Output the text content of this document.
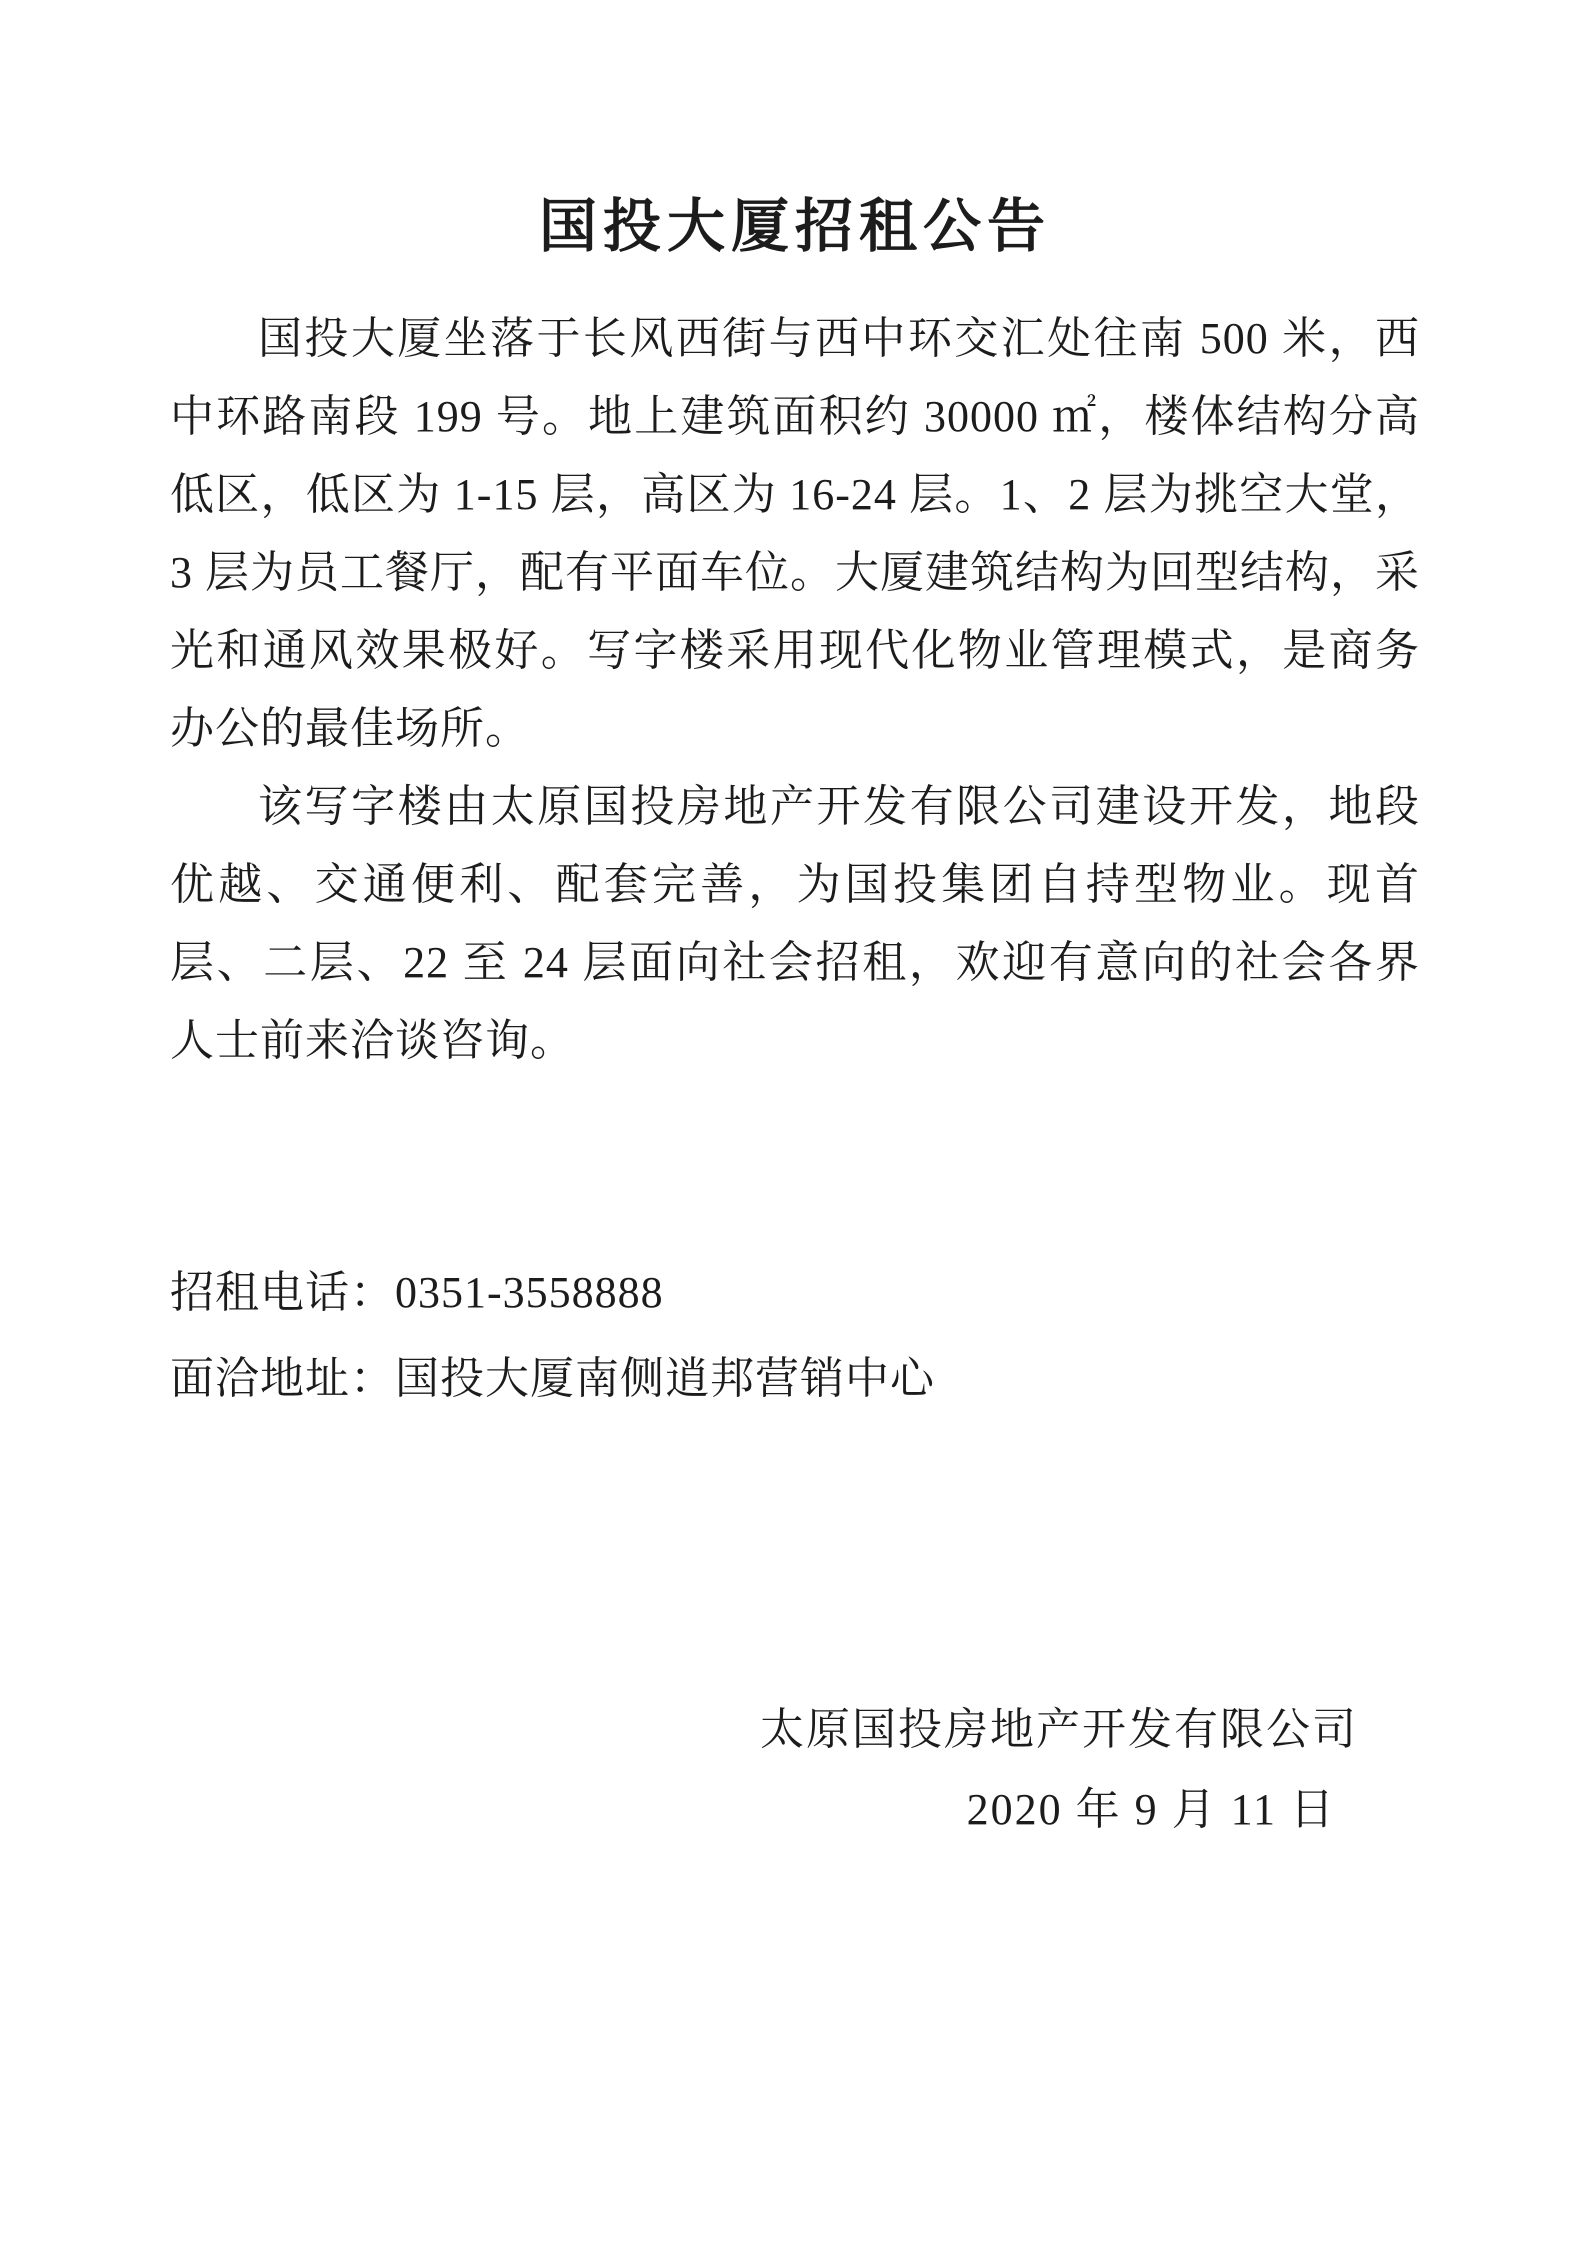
国投大厦招租公告

国投大厦坐落于长风西街与西中环交汇处往南 500 米，西中环路南段 199 号。地上建筑面积约 30000 ㎡，楼体结构分高低区，低区为 1-15 层，高区为 16-24 层。1、2 层为挑空大堂，3 层为员工餐厅，配有平面车位。大厦建筑结构为回型结构，采光和通风效果极好。写字楼采用现代化物业管理模式，是商务办公的最佳场所。

该写字楼由太原国投房地产开发有限公司建设开发，地段优越、交通便利、配套完善，为国投集团自持型物业。现首层、二层、22 至 24 层面向社会招租，欢迎有意向的社会各界人士前来洽谈咨询。

招租电话：0351-3558888

面洽地址：国投大厦南侧逍邦营销中心

太原国投房地产开发有限公司

2020 年 9 月 11 日
